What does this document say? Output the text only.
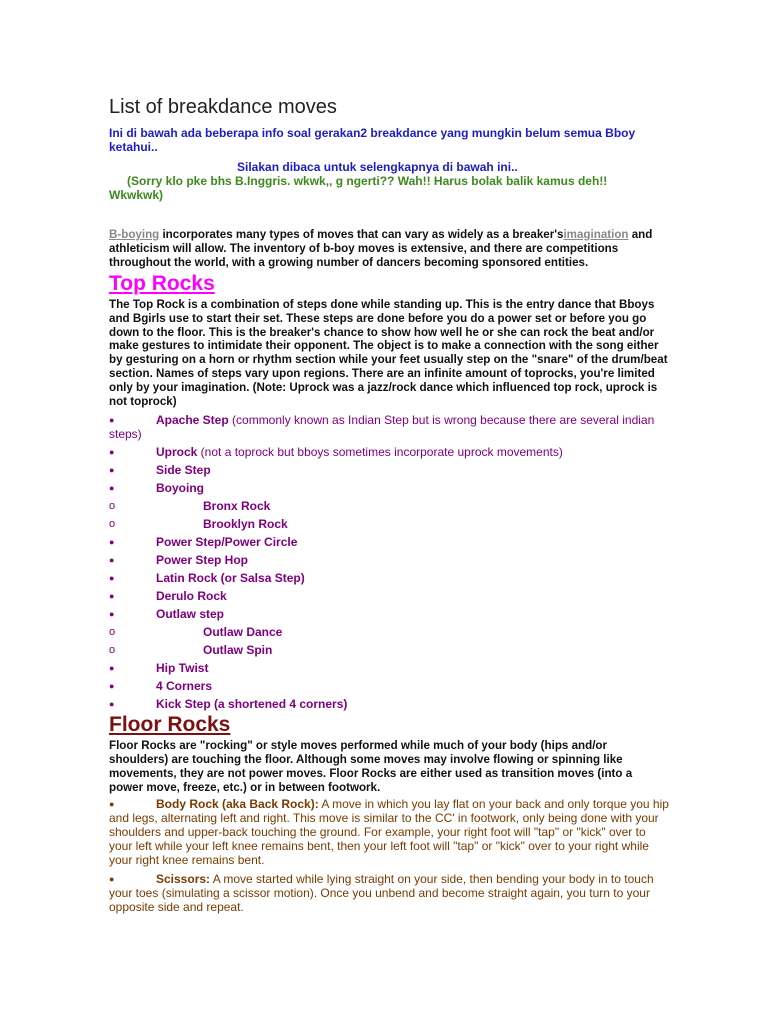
List of breakdance moves

Ini di bawah ada beberapa info soal gerakan2 breakdance yang mungkin belum semua Bboy ketahui..

Silakan dibaca untuk selengkapnya di bawah ini..

(Sorry klo pke bhs B.Inggris. wkwk,, g ngerti?? Wah!! Harus bolak balik kamus deh!!
Wkwkwk)

B-boying incorporates many types of moves that can vary as widely as a breaker'simagination and athleticism will allow. The inventory of b-boy moves is extensive, and there are competitions throughout the world, with a growing number of dancers becoming sponsored entities.

Top Rocks

The Top Rock is a combination of steps done while standing up. This is the entry dance that Bboys and Bgirls use to start their set. These steps are done before you do a power set or before you go down to the floor. This is the breaker's chance to show how well he or she can rock the beat and/or make gestures to intimidate their opponent. The object is to make a connection with the song either by gesturing on a horn or rhythm section while your feet usually step on the "snare" of the drum/beat section. Names of steps vary upon regions. There are an infinite amount of toprocks, you're limited only by your imagination. (Note: Uprock was a jazz/rock dance which influenced top rock, uprock is not toprock)

●	Apache Step (commonly known as Indian Step but is wrong because there are several indian steps)
●	Uprock (not a toprock but bboys sometimes incorporate uprock movements)
●	Side Step
●	Boyoing
o	Bronx Rock
o	Brooklyn Rock
●	Power Step/Power Circle
●	Power Step Hop
●	Latin Rock (or Salsa Step)
●	Derulo Rock
●	Outlaw step
o	Outlaw Dance
o	Outlaw Spin
●	Hip Twist
●	4 Corners
●	Kick Step (a shortened 4 corners)
Floor Rocks

Floor Rocks are "rocking" or style moves performed while much of your body (hips and/or shoulders) are touching the floor. Although some moves may involve flowing or spinning like movements, they are not power moves. Floor Rocks are either used as transition moves (into a power move, freeze, etc.) or in between footwork.

●	Body Rock (aka Back Rock): A move in which you lay flat on your back and only torque you hip and legs, alternating left and right. This move is similar to the CC' in footwork, only being done with your shoulders and upper-back touching the ground. For example, your right foot will "tap" or "kick" over to your left while your left knee remains bent, then your left foot will "tap" or "kick" over to your right while your right knee remains bent.
●	Scissors: A move started while lying straight on your side, then bending your body in to touch your toes (simulating a scissor motion). Once you unbend and become straight again, you turn to your opposite side and repeat.
